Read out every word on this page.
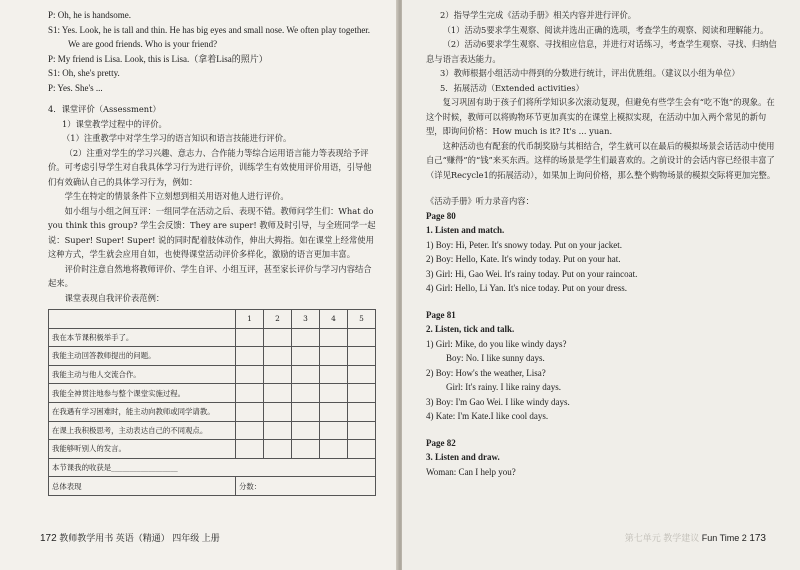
P: Oh, he is handsome.

S1: Yes. Look, he is tall and thin. He has big eyes and small nose. We often play together. We are good friends. Who is your friend?

P: My friend is Lisa. Look, this is Lisa.（拿着Lisa的照片）

S1: Oh, she's pretty.

P: Yes. She's ...

4．课堂评价（Assessment）

1）课堂教学过程中的评价。

（1）注重教学中对学生学习的语言知识和语言技能进行评价。

（2）注重对学生的学习兴趣、意志力、合作能力等综合运用语言能力等表现给予评价。可考虑引导学生对自我具体学习行为进行评价，训练学生有效使用评价用语，引导他们有效确认自己的具体学习行为，例如：

学生在特定的情景条件下立刻想到相关用语对他人进行评价。

如小组与小组之间互评：一组同学在活动之后、表现不错。教师问学生们：What do you think this group? 学生会反馈：They are super! 教师及时引导，与全班同学一起说：Super! Super! Super! 说的同时配着肢体动作，伸出大拇指。如在课堂上经常使用这种方式，学生就会应用自如，也使得课堂活动评价多样化，激励的语言更加丰富。

评价时注意自然地将教师评价、学生自评、小组互评，甚至家长评价与学习内容结合起来。

课堂表现自我评价表范例：

	1	2	3	4	5
我在本节课积极举手了。					
我能主动回答教师提出的问题。					
我能主动与他人交流合作。					
我能全神贯注地参与整个课堂实施过程。					
在我遇有学习困难时，能主动向教师或同学请教。					
在课上我积极思考，主动表达自己的不同观点。					
我能够听别人的发言。					
本节课我的收获是__________________					
总体表现	分数：				
172 教师教学用书 英语（精通） 四年级 上册

2）指导学生完成《活动手册》相关内容并进行评价。

（1）活动5要求学生观察、阅读并选出正确的选项，考查学生的观察、阅读和理解能力。

（2）活动6要求学生观察、寻找相应信息，并进行对话练习，考查学生观察、寻找、归纳信息与语言表达能力。

3）教师根据小组活动中得到的分数进行统计，评出优胜组。（建议以小组为单位）

5．拓展活动（Extended activities）

复习巩固有助于孩子们将所学知识多次滚动复现，但避免有些学生会有“吃不饱”的现象。在这个时候，教师可以将购物环节更加真实的在课堂上模拟实现，在活动中加入两个常见的新句型，即询问价格：How much is it? It's ... yuan.

这种活动也有配套的代币制奖励与其相结合，学生就可以在最后的模拟场景会话活动中使用自己“赚得”的“钱”来买东西。这样的场景是学生们最喜欢的。之前设计的会话内容已经很丰富了（详见Recycle1的拓展活动），如果加上询问价格，那么整个购物场景的模拟交际将更加完整。

《活动手册》听力录音内容：

Page 80

1. Listen and match.

1) Boy: Hi, Peter. It's snowy today. Put on your jacket.

2) Boy: Hello, Kate. It's windy today. Put on your hat.

3) Girl: Hi, Gao Wei. It's rainy today. Put on your raincoat.

4) Girl: Hello, Li Yan. It's nice today. Put on your dress.

Page 81

2. Listen, tick and talk.

1) Girl: Mike, do you like windy days?

Boy: No. I like sunny days.

2) Boy: How's the weather, Lisa?

Girl: It's rainy. I like rainy days.

3) Boy: I'm Gao Wei. I like windy days.

4) Kate: I'm Kate.I like cool days.

Page 82

3. Listen and draw.

Woman: Can I help you?

第七单元 教学建议 Fun Time 2 173
